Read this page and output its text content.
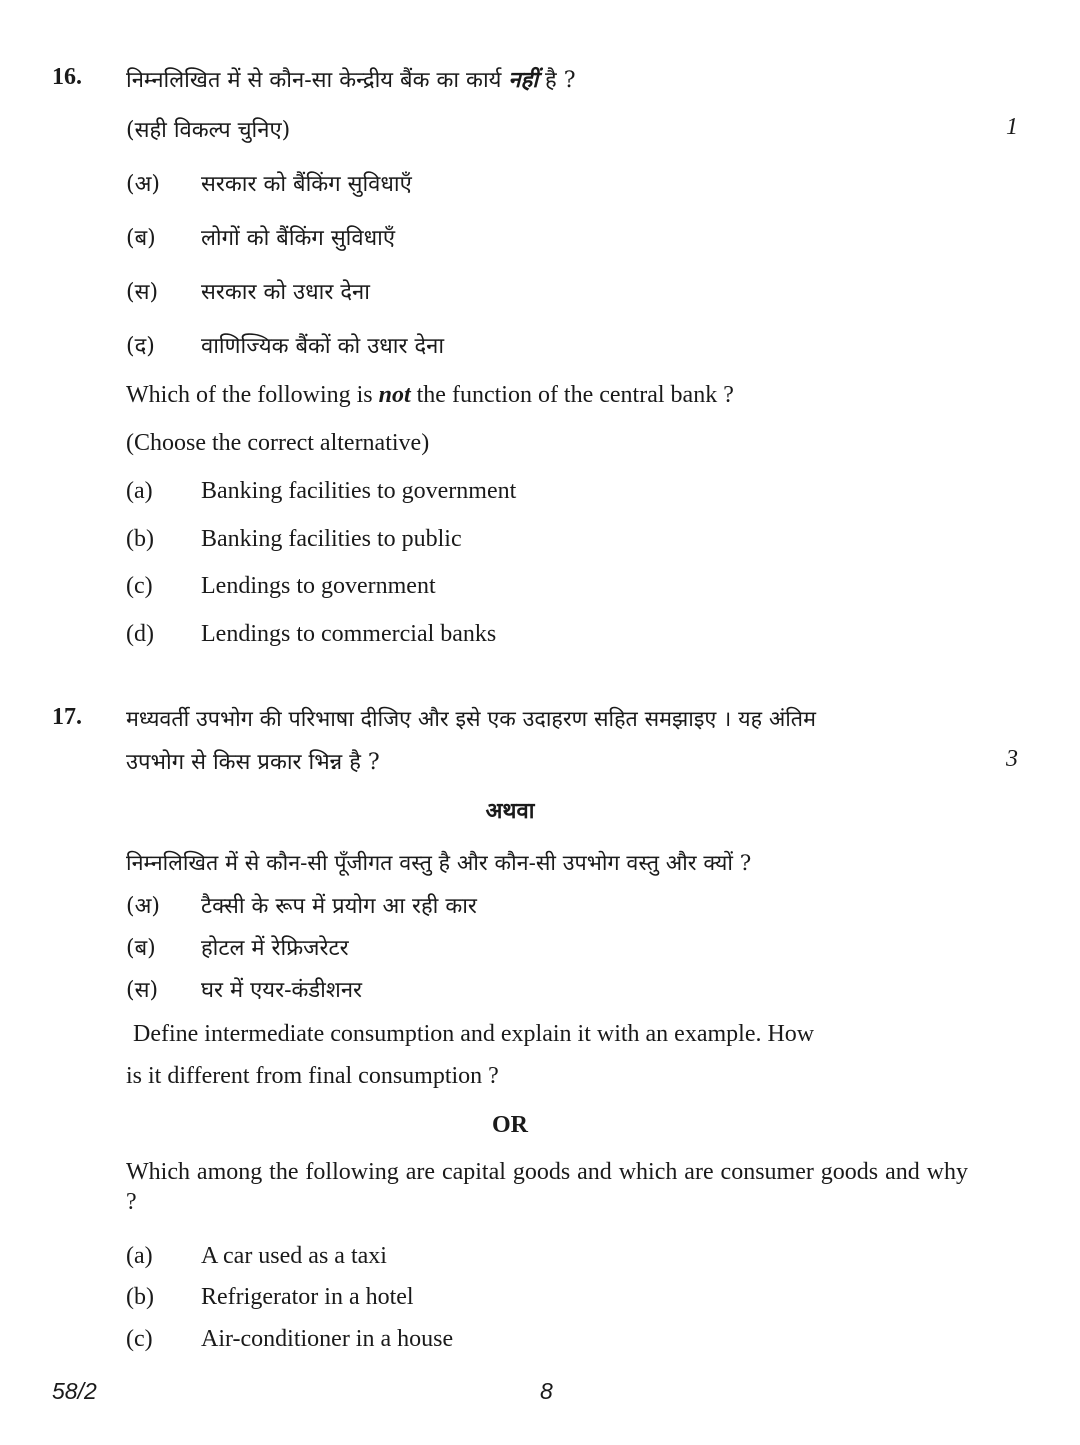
16. निम्नलिखित में से कौन-सा केन्द्रीय बैंक का कार्य नहीं है ?
(सही विकल्प चुनिए)	1
(अ) सरकार को बैंकिंग सुविधाएँ
(ब) लोगों को बैंकिंग सुविधाएँ
(स) सरकार को उधार देना
(द) वाणिज्यिक बैंकों को उधार देना
Which of the following is not the function of the central bank ?
(Choose the correct alternative)
(a) Banking facilities to government
(b) Banking facilities to public
(c) Lendings to government
(d) Lendings to commercial banks
17. मध्यवर्ती उपभोग की परिभाषा दीजिए और इसे एक उदाहरण सहित समझाइए । यह अंतिम
उपभोग से किस प्रकार भिन्न है ?	3
अथवा
निम्नलिखित में से कौन-सी पूँजीगत वस्तु है और कौन-सी उपभोग वस्तु और क्यों ?
(अ) टैक्सी के रूप में प्रयोग आ रही कार
(ब) होटल में रेफ्रिजरेटर
(स) घर में एयर-कंडीशनर
Define intermediate consumption and explain it with an example. How
is it different from final consumption ?
OR
Which among the following are capital goods and which are consumer goods and why ?
(a) A car used as a taxi
(b) Refrigerator in a hotel
(c) Air-conditioner in a house
58/2	8
